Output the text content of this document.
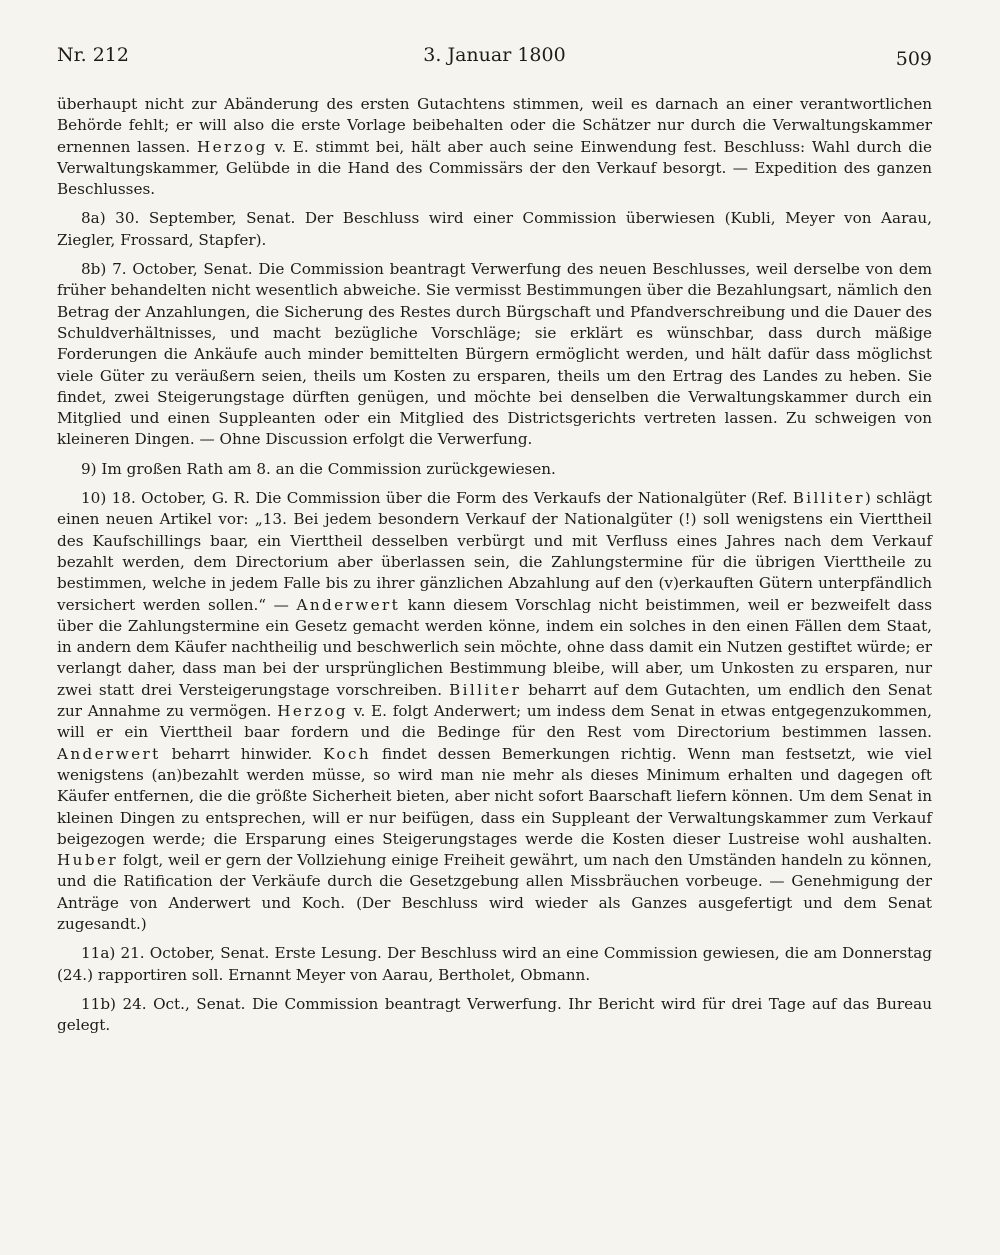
Nr. 212	3. Januar 1800	509

überhaupt nicht zur Abänderung des ersten Gutachtens stimmen, weil es darnach an einer verantwortlichen Behörde fehlt; er will also die erste Vorlage beibehalten oder die Schätzer nur durch die Verwaltungskammer ernennen lassen. Herzog v. E. stimmt bei, hält aber auch seine Einwendung fest. Beschluss: Wahl durch die Verwaltungskammer, Gelübde in die Hand des Commissärs der den Verkauf besorgt. — Expedition des ganzen Beschlusses.

8a) 30. September, Senat. Der Beschluss wird einer Commission überwiesen (Kubli, Meyer von Aarau, Ziegler, Frossard, Stapfer).

8b) 7. October, Senat. Die Commission beantragt Verwerfung des neuen Beschlusses, weil derselbe von dem früher behandelten nicht wesentlich abweiche. Sie vermisst Bestimmungen über die Bezahlungsart, nämlich den Betrag der Anzahlungen, die Sicherung des Restes durch Bürgschaft und Pfandverschreibung und die Dauer des Schuldverhältnisses, und macht bezügliche Vorschläge; sie erklärt es wünschbar, dass durch mäßige Forderungen die Ankäufe auch minder bemittelten Bürgern ermöglicht werden, und hält dafür dass möglichst viele Güter zu veräußern seien, theils um Kosten zu ersparen, theils um den Ertrag des Landes zu heben. Sie findet, zwei Steigerungstage dürften genügen, und möchte bei denselben die Verwaltungskammer durch ein Mitglied und einen Suppleanten oder ein Mitglied des Districtsgerichts vertreten lassen. Zu schweigen von kleineren Dingen. — Ohne Discussion erfolgt die Verwerfung.

9) Im großen Rath am 8. an die Commission zurückgewiesen.

10) 18. October, G. R. Die Commission über die Form des Verkaufs der Nationalgüter (Ref. Billiter) schlägt einen neuen Artikel vor: „13. Bei jedem besondern Verkauf der Nationalgüter (!) soll wenigstens ein Vierttheil des Kaufschillings baar, ein Vierttheil desselben verbürgt und mit Verfluss eines Jahres nach dem Verkauf bezahlt werden, dem Directorium aber überlassen sein, die Zahlungstermine für die übrigen Vierttheile zu bestimmen, welche in jedem Falle bis zu ihrer gänzlichen Abzahlung auf den (v)erkauften Gütern unterpfändlich versichert werden sollen.“ — Anderwert kann diesem Vorschlag nicht beistimmen, weil er bezweifelt dass über die Zahlungstermine ein Gesetz gemacht werden könne, indem ein solches in den einen Fällen dem Staat, in andern dem Käufer nachtheilig und beschwerlich sein möchte, ohne dass damit ein Nutzen gestiftet würde; er verlangt daher, dass man bei der ursprünglichen Bestimmung bleibe, will aber, um Unkosten zu ersparen, nur zwei statt drei Versteigerungstage vorschreiben. Billiter beharrt auf dem Gutachten, um endlich den Senat zur Annahme zu vermögen. Herzog v. E. folgt Anderwert; um indess dem Senat in etwas entgegenzukommen, will er ein Vierttheil baar fordern und die Bedinge für den Rest vom Directorium bestimmen lassen. Anderwert beharrt hinwider. Koch findet dessen Bemerkungen richtig. Wenn man festsetzt, wie viel wenigstens (an)bezahlt werden müsse, so wird man nie mehr als dieses Minimum erhalten und dagegen oft Käufer entfernen, die die größte Sicherheit bieten, aber nicht sofort Baarschaft liefern können. Um dem Senat in kleinen Dingen zu entsprechen, will er nur beifügen, dass ein Suppleant der Verwaltungskammer zum Verkauf beigezogen werde; die Ersparung eines Steigerungstages werde die Kosten dieser Lustreise wohl aushalten. Huber folgt, weil er gern der Vollziehung einige Freiheit gewährt, um nach den Umständen handeln zu können, und die Ratification der Verkäufe durch die Gesetzgebung allen Missbräuchen vorbeuge. — Genehmigung der Anträge von Anderwert und Koch. (Der Beschluss wird wieder als Ganzes ausgefertigt und dem Senat zugesandt.)

11a) 21. October, Senat. Erste Lesung. Der Beschluss wird an eine Commission gewiesen, die am Donnerstag (24.) rapportiren soll. Ernannt Meyer von Aarau, Bertholet, Obmann.

11b) 24. Oct., Senat. Die Commission beantragt Verwerfung. Ihr Bericht wird für drei Tage auf das Bureau gelegt.
